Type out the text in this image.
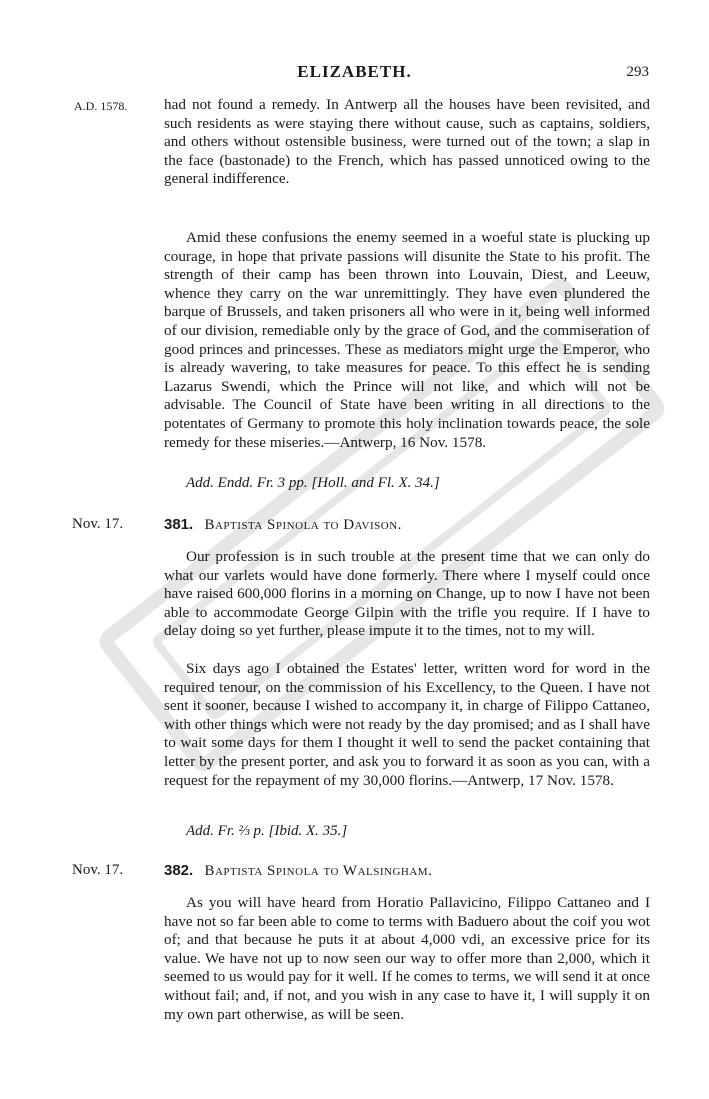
ELIZABETH.	293
A.D. 1578. had not found a remedy. In Antwerp all the houses have been revisited, and such residents as were staying there without cause, such as captains, soldiers, and others without ostensible business, were turned out of the town; a slap in the face (bastonade) to the French, which has passed unnoticed owing to the general indifference.

Amid these confusions the enemy seemed in a woeful state is plucking up courage, in hope that private passions will disunite the State to his profit. The strength of their camp has been thrown into Louvain, Diest, and Leeuw, whence they carry on the war unremittingly. They have even plundered the barque of Brussels, and taken prisoners all who were in it, being well informed of our division, remediable only by the grace of God, and the commiseration of good princes and princesses. These as mediators might urge the Emperor, who is already wavering, to take measures for peace. To this effect he is sending Lazarus Swendi, which the Prince will not like, and which will not be advisable. The Council of State have been writing in all directions to the potentates of Germany to promote this holy inclination towards peace, the sole remedy for these miseries.—Antwerp, 16 Nov. 1578.

Add. Endd. Fr. 3 pp. [Holl. and Fl. X. 34.]
Nov. 17.	381. Baptista Spinola to Davison.

Our profession is in such trouble at the present time that we can only do what our varlets would have done formerly. There where I myself could once have raised 600,000 florins in a morning on Change, up to now I have not been able to accommodate George Gilpin with the trifle you require. If I have to delay doing so yet further, please impute it to the times, not to my will.

Six days ago I obtained the Estates' letter, written word for word in the required tenour, on the commission of his Excellency, to the Queen. I have not sent it sooner, because I wished to accompany it, in charge of Filippo Cattaneo, with other things which were not ready by the day promised; and as I shall have to wait some days for them I thought it well to send the packet containing that letter by the present porter, and ask you to forward it as soon as you can, with a request for the repayment of my 30,000 florins.—Antwerp, 17 Nov. 1578.

Add. Fr. ⅔ p. [Ibid. X. 35.]
Nov. 17.	382. Baptista Spinola to Walsingham.

As you will have heard from Horatio Pallavicino, Filippo Cattaneo and I have not so far been able to come to terms with Baduero about the coif you wot of; and that because he puts it at about 4,000 vdi, an excessive price for its value. We have not up to now seen our way to offer more than 2,000, which it seemed to us would pay for it well. If he comes to terms, we will send it at once without fail; and, if not, and you wish in any case to have it, I will supply it on my own part otherwise, as will be seen.
